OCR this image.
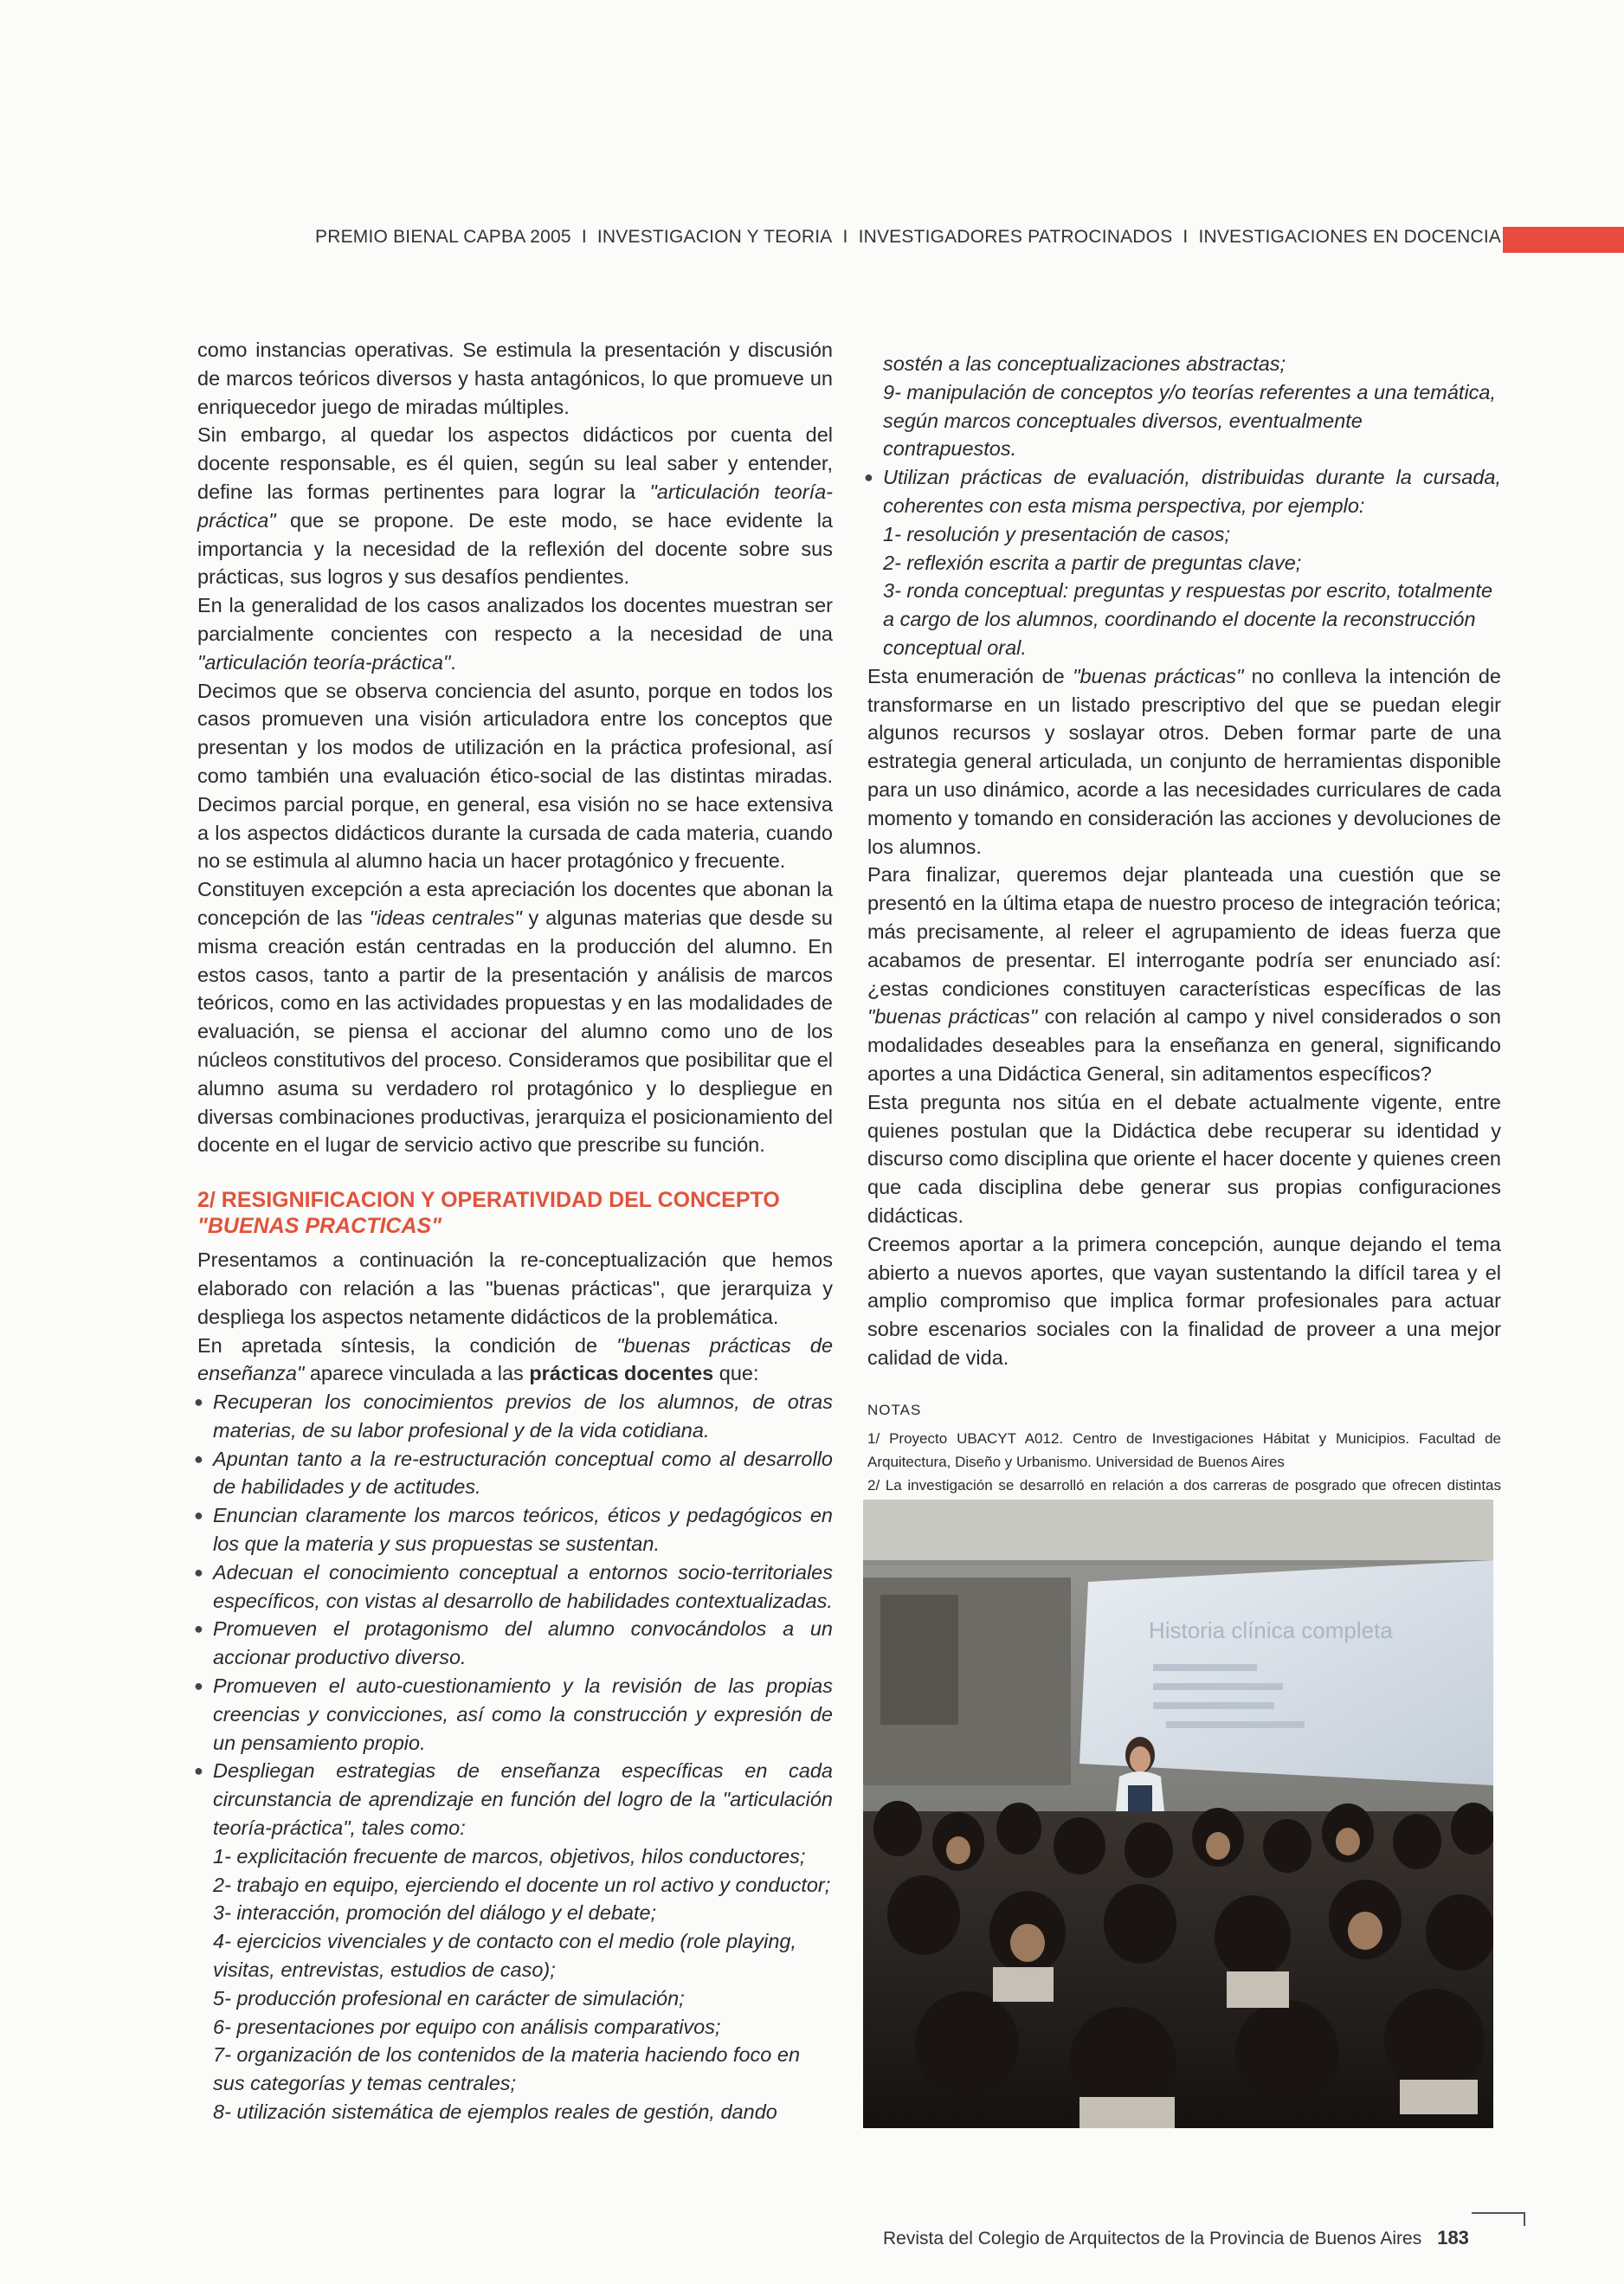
PREMIO BIENAL CAPBA 2005 I INVESTIGACION Y TEORIA I INVESTIGADORES PATROCINADOS I INVESTIGACIONES EN DOCENCIA

como instancias operativas. Se estimula la presentación y discusión de marcos teóricos diversos y hasta antagónicos, lo que promueve un enriquecedor juego de miradas múltiples.

Sin embargo, al quedar los aspectos didácticos por cuenta del docente responsable, es él quien, según su leal saber y entender, define las formas pertinentes para lograr la "articulación teoría-práctica" que se propone. De este modo, se hace evidente la importancia y la necesidad de la reflexión del docente sobre sus prácticas, sus logros y sus desafíos pendientes.

En la generalidad de los casos analizados los docentes muestran ser parcialmente concientes con respecto a la necesidad de una "articulación teoría-práctica".

Decimos que se observa conciencia del asunto, porque en todos los casos promueven una visión articuladora entre los conceptos que presentan y los modos de utilización en la práctica profesional, así como también una evaluación ético-social de las distintas miradas. Decimos parcial porque, en general, esa visión no se hace extensiva a los aspectos didácticos durante la cursada de cada materia, cuando no se estimula al alumno hacia un hacer protagónico y frecuente.

Constituyen excepción a esta apreciación los docentes que abonan la concepción de las "ideas centrales" y algunas materias que desde su misma creación están centradas en la producción del alumno. En estos casos, tanto a partir de la presentación y análisis de marcos teóricos, como en las actividades propuestas y en las modalidades de evaluación, se piensa el accionar del alumno como uno de los núcleos constitutivos del proceso. Consideramos que posibilitar que el alumno asuma su verdadero rol protagónico y lo despliegue en diversas combinaciones productivas, jerarquiza el posicionamiento del docente en el lugar de servicio activo que prescribe su función.

2/ RESIGNIFICACION Y OPERATIVIDAD DEL CONCEPTO
"BUENAS PRACTICAS"

Presentamos a continuación la re-conceptualización que hemos elaborado con relación a las "buenas prácticas", que jerarquiza y despliega los aspectos netamente didácticos de la problemática.

En apretada síntesis, la condición de "buenas prácticas de enseñanza" aparece vinculada a las prácticas docentes que:

● Recuperan los conocimientos previos de los alumnos, de otras materias, de su labor profesional y de la vida cotidiana.
● Apuntan tanto a la re-estructuración conceptual como al desarrollo de habilidades y de actitudes.
● Enuncian claramente los marcos teóricos, éticos y pedagógicos en los que la materia y sus propuestas se sustentan.
● Adecuan el conocimiento conceptual a entornos socio-territoriales específicos, con vistas al desarrollo de habilidades contextualizadas.
● Promueven el protagonismo del alumno convocándolos a un accionar productivo diverso.
● Promueven el auto-cuestionamiento y la revisión de las propias creencias y convicciones, así como la construcción y expresión de un pensamiento propio.
● Despliegan estrategias de enseñanza específicas en cada circunstancia de aprendizaje en función del logro de la "articulación teoría-práctica", tales como:
1- explicitación frecuente de marcos, objetivos, hilos conductores;
2- trabajo en equipo, ejerciendo el docente un rol activo y conductor;
3- interacción, promoción del diálogo y el debate;
4- ejercicios vivenciales y de contacto con el medio (role playing, visitas, entrevistas, estudios de caso);
5- producción profesional en carácter de simulación;
6- presentaciones por equipo con análisis comparativos;
7- organización de los contenidos de la materia haciendo foco en sus categorías y temas centrales;
8- utilización sistemática de ejemplos reales de gestión, dando
sostén a las conceptualizaciones abstractas;
9- manipulación de conceptos y/o teorías referentes a una temática, según marcos conceptuales diversos, eventualmente contrapuestos.
● Utilizan prácticas de evaluación, distribuidas durante la cursada, coherentes con esta misma perspectiva, por ejemplo:
1- resolución y presentación de casos;
2- reflexión escrita a partir de preguntas clave;
3- ronda conceptual: preguntas y respuestas por escrito, totalmente a cargo de los alumnos, coordinando el docente la reconstrucción conceptual oral.

Esta enumeración de "buenas prácticas" no conlleva la intención de transformarse en un listado prescriptivo del que se puedan elegir algunos recursos y soslayar otros. Deben formar parte de una estrategia general articulada, un conjunto de herramientas disponible para un uso dinámico, acorde a las necesidades curriculares de cada momento y tomando en consideración las acciones y devoluciones de los alumnos.

Para finalizar, queremos dejar planteada una cuestión que se presentó en la última etapa de nuestro proceso de integración teórica; más precisamente, al releer el agrupamiento de ideas fuerza que acabamos de presentar. El interrogante podría ser enunciado así: ¿estas condiciones constituyen características específicas de las "buenas prácticas" con relación al campo y nivel considerados o son modalidades deseables para la enseñanza en general, significando aportes a una Didáctica General, sin aditamentos específicos?

Esta pregunta nos sitúa en el debate actualmente vigente, entre quienes postulan que la Didáctica debe recuperar su identidad y discurso como disciplina que oriente el hacer docente y quienes creen que cada disciplina debe generar sus propias configuraciones didácticas.

Creemos aportar a la primera concepción, aunque dejando el tema abierto a nuevos aportes, que vayan sustentando la difícil tarea y el amplio compromiso que implica formar profesionales para actuar sobre escenarios sociales con la finalidad de proveer a una mejor calidad de vida.

NOTAS
1/ Proyecto UBACYT A012. Centro de Investigaciones Hábitat y Municipios. Facultad de Arquitectura, Diseño y Urbanismo. Universidad de Buenos Aires
2/ La investigación se desarrolló en relación a dos carreras de posgrado que ofrecen distintas
Historia clínica completa
Revista del Colegio de Arquitectos de la Provincia de Buenos Aires 183
